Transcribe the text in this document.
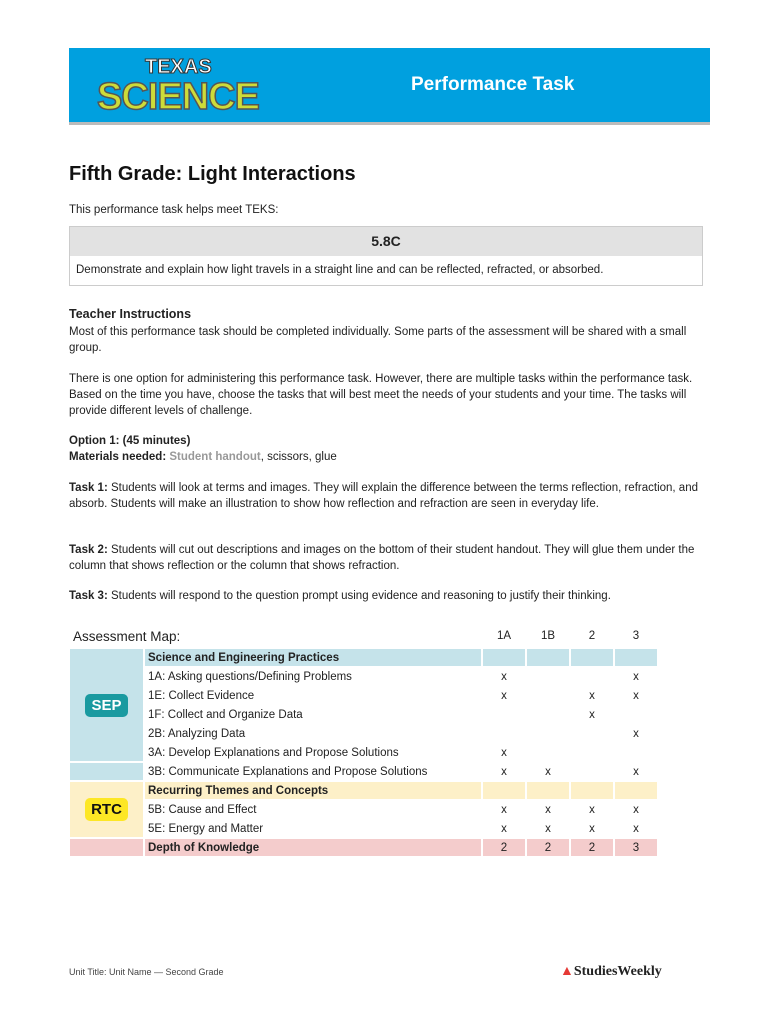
TEXAS
SCIENCE	Performance Task
Fifth Grade: Light Interactions
This performance task helps meet TEKS:
5.8C
Demonstrate and explain how light travels in a straight line and can be reflected, refracted, or absorbed.
Teacher Instructions
Most of this performance task should be completed individually. Some parts of the assessment will be shared with a small group.
There is one option for administering this performance task. However, there are multiple tasks within the performance task. Based on the time you have, choose the tasks that will best meet the needs of your students and your time. The tasks will provide different levels of challenge.
Option 1: (45 minutes)
Materials needed: Student handout, scissors, glue
Task 1: Students will look at terms and images. They will explain the difference between the terms reflection, refraction, and absorb. Students will make an illustration to show how reflection and refraction are seen in everyday life.
Task 2: Students will cut out descriptions and images on the bottom of their student handout. They will glue them under the column that shows reflection or the column that shows refraction.
Task 3: Students will respond to the question prompt using evidence and reasoning to justify their thinking.
Assessment Map:		1A	1B	2	3
SEP	Science and Engineering Practices				
	1A: Asking questions/Defining Problems	x			x
	1E: Collect Evidence	x		x	x
	1F: Collect and Organize Data			x	
	2B: Analyzing Data				x
	3A: Develop Explanations and Propose Solutions	x			
	3B: Communicate Explanations and Propose Solutions	x	x		x
RTC	Recurring Themes and Concepts				
	5B: Cause and Effect	x	x	x	x
	5E: Energy and Matter	x	x	x	x
	Depth of Knowledge	2	2	2	3
Unit Title: Unit Name — Second Grade	▲StudiesWeekly
